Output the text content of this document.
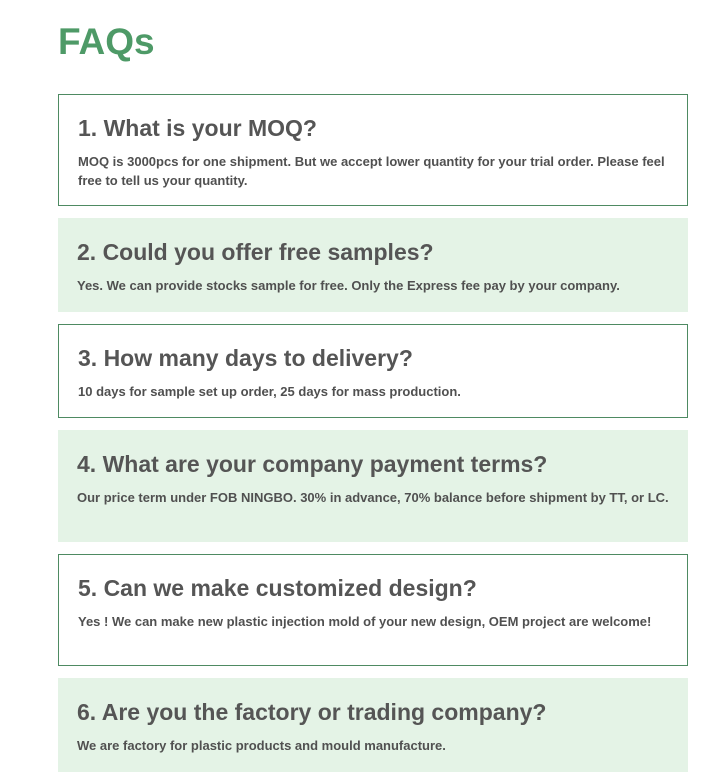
FAQs
1. What is your MOQ?

MOQ is 3000pcs for one shipment. But we accept lower quantity for your trial order. Please feel free to tell us your quantity.

2. Could you offer free samples?

Yes. We can provide stocks sample for free. Only the Express fee pay by your company.

3. How many days to delivery?

10 days for sample set up order, 25 days for mass production.

4. What are your company payment terms?

Our price term under FOB NINGBO. 30% in advance, 70% balance before shipment by TT, or LC.

5. Can we make customized design?

Yes ! We can make new plastic injection mold of your new design, OEM project are welcome!

6. Are you the factory or trading company?

We are factory for plastic products and mould manufacture.
